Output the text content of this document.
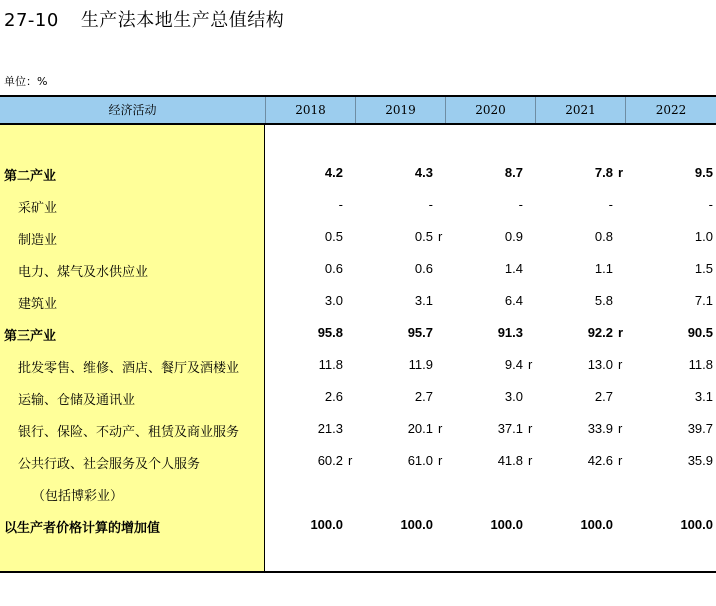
27-10 生产法本地生产总值结构
单位：%
经济活动	2018	2019	2020	2021	2022
第二产业	4.2	4.3	8.7	7.8 r	9.5
采矿业	-	-	-	-	-
制造业	0.5	0.5 r	0.9	0.8	1.0
电力、煤气及水供应业	0.6	0.6	1.4	1.1	1.5
建筑业	3.0	3.1	6.4	5.8	7.1
第三产业	95.8	95.7	91.3	92.2 r	90.5
批发零售、维修、酒店、餐厅及酒楼业	11.8	11.9	9.4 r	13.0 r	11.8
运输、仓储及通讯业	2.6	2.7	3.0	2.7	3.1
银行、保险、不动产、租赁及商业服务	21.3	20.1 r	37.1 r	33.9 r	39.7
公共行政、社会服务及个人服务	60.2 r	61.0 r	41.8 r	42.6 r	35.9
（包括博彩业）
以生产者价格计算的增加值	100.0	100.0	100.0	100.0	100.0
